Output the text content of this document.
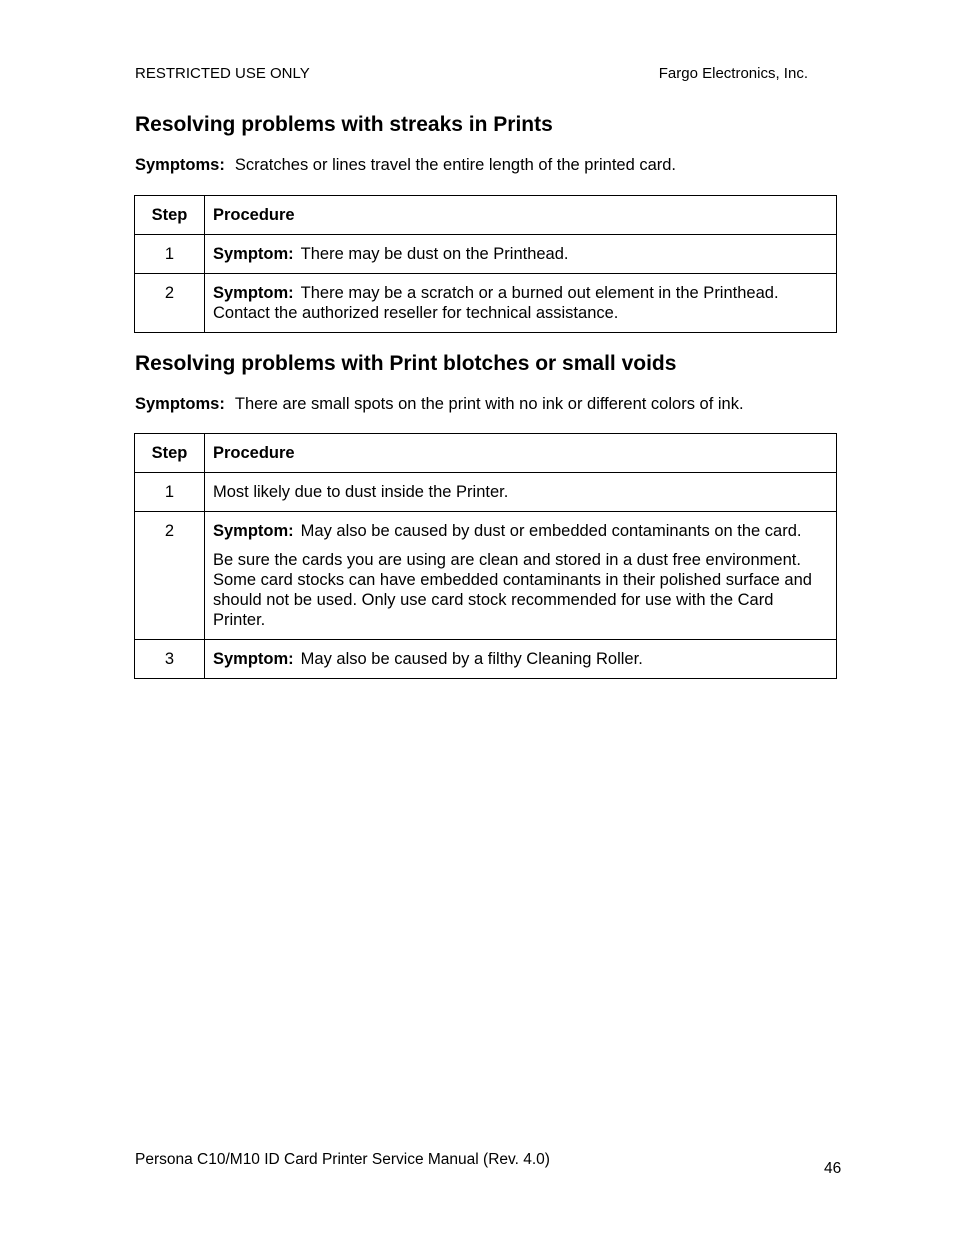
RESTRICTED USE ONLY	Fargo Electronics, Inc.
Resolving problems with streaks in Prints
Symptoms: Scratches or lines travel the entire length of the printed card.
Step	Procedure
1	Symptom: There may be dust on the Printhead.
2	Symptom: There may be a scratch or a burned out element in the Printhead. Contact the authorized reseller for technical assistance.
Resolving problems with Print blotches or small voids
Symptoms: There are small spots on the print with no ink or different colors of ink.
Step	Procedure
1	Most likely due to dust inside the Printer.
2	Symptom: May also be caused by dust or embedded contaminants on the card.

Be sure the cards you are using are clean and stored in a dust free environment. Some card stocks can have embedded contaminants in their polished surface and should not be used. Only use card stock recommended for use with the Card Printer.

3	Symptom: May also be caused by a filthy Cleaning Roller.
Persona C10/M10 ID Card Printer Service Manual (Rev. 4.0)
46
